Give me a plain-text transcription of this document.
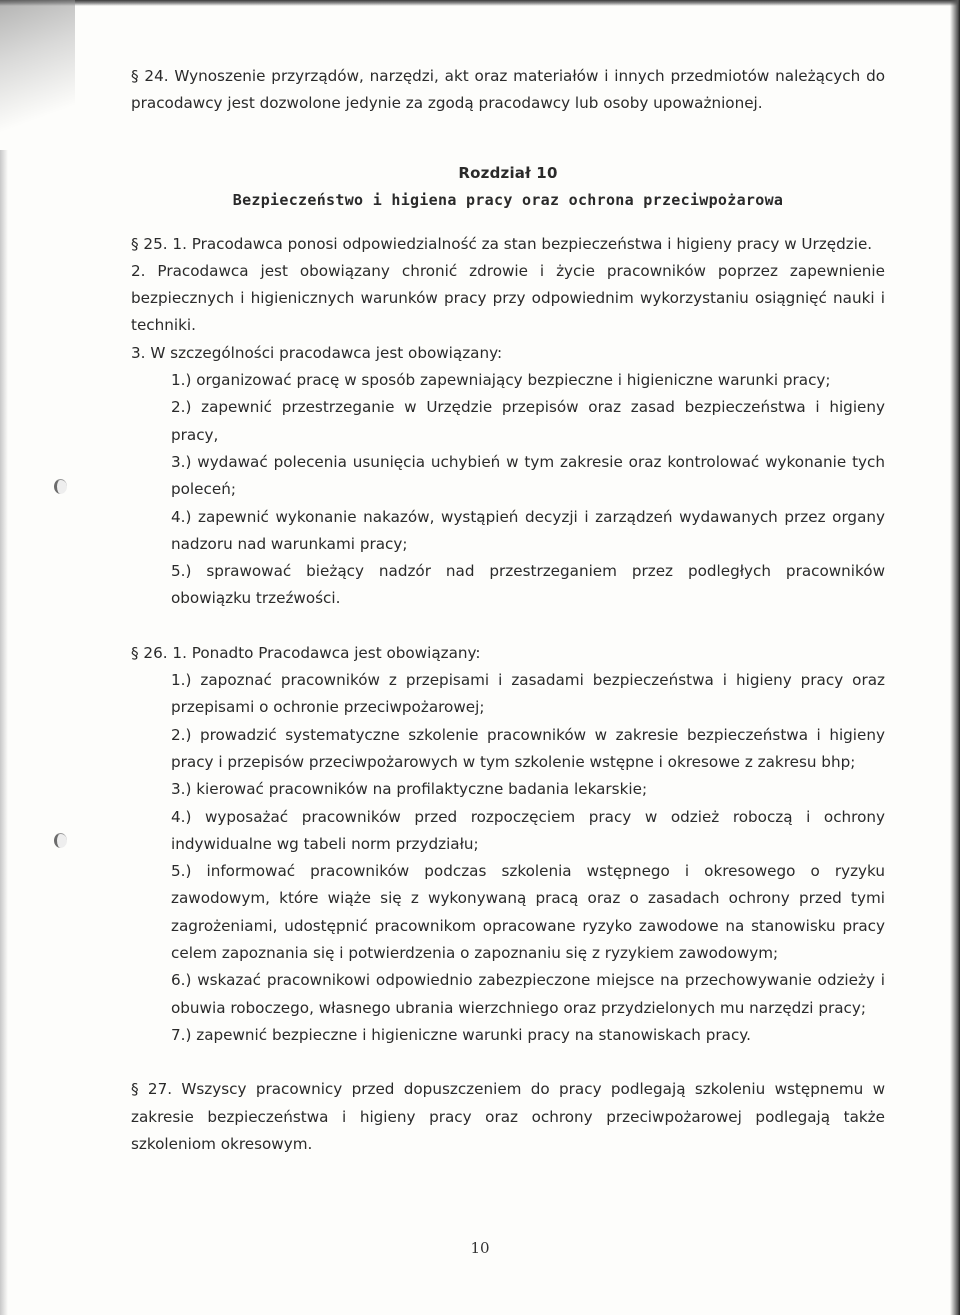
§ 24. Wynoszenie przyrządów, narzędzi, akt oraz materiałów i innych przedmiotów należących do pracodawcy jest dozwolone jedynie za zgodą pracodawcy lub osoby upoważnionej.

Rozdział 10

Bezpieczeństwo i higiena pracy oraz ochrona przeciwpożarowa

§ 25. 1. Pracodawca ponosi odpowiedzialność za stan bezpieczeństwa i higieny pracy w Urzędzie.

2. Pracodawca jest obowiązany chronić zdrowie i życie pracowników poprzez zapewnienie bezpiecznych i higienicznych warunków pracy przy odpowiednim wykorzystaniu osiągnięć nauki i techniki.

3. W szczególności pracodawca jest obowiązany:

1.) organizować pracę w sposób zapewniający bezpieczne i higieniczne warunki pracy;

2.) zapewnić przestrzeganie w Urzędzie przepisów oraz zasad bezpieczeństwa i higieny pracy,

3.) wydawać polecenia usunięcia uchybień w tym zakresie oraz kontrolować wykonanie tych poleceń;

4.) zapewnić wykonanie nakazów, wystąpień decyzji i zarządzeń wydawanych przez organy nadzoru nad warunkami pracy;

5.) sprawować bieżący nadzór nad przestrzeganiem przez podległych pracowników obowiązku trzeźwości.

§ 26. 1. Ponadto Pracodawca jest obowiązany:

1.) zapoznać pracowników z przepisami i zasadami bezpieczeństwa i higieny pracy oraz przepisami o ochronie przeciwpożarowej;

2.) prowadzić systematyczne szkolenie pracowników w zakresie bezpieczeństwa i higieny pracy i przepisów przeciwpożarowych w tym szkolenie wstępne i okresowe z zakresu bhp;

3.) kierować pracowników na profilaktyczne badania lekarskie;

4.) wyposażać pracowników przed rozpoczęciem pracy w odzież roboczą i ochrony indywidualne wg tabeli norm przydziału;

5.) informować pracowników podczas szkolenia wstępnego i okresowego o ryzyku zawodowym, które wiąże się z wykonywaną pracą oraz o zasadach ochrony przed tymi zagrożeniami, udostępnić pracownikom opracowane ryzyko zawodowe na stanowisku pracy celem zapoznania się i potwierdzenia o zapoznaniu się z ryzykiem zawodowym;

6.) wskazać pracownikowi odpowiednio zabezpieczone miejsce na przechowywanie odzieży i obuwia roboczego, własnego ubrania wierzchniego oraz przydzielonych mu narzędzi pracy;

7.) zapewnić bezpieczne i higieniczne warunki pracy na stanowiskach pracy.

§ 27. Wszyscy pracownicy przed dopuszczeniem do pracy podlegają szkoleniu wstępnemu w zakresie bezpieczeństwa i higieny pracy oraz ochrony przeciwpożarowej podlegają także szkoleniom okresowym.

10
